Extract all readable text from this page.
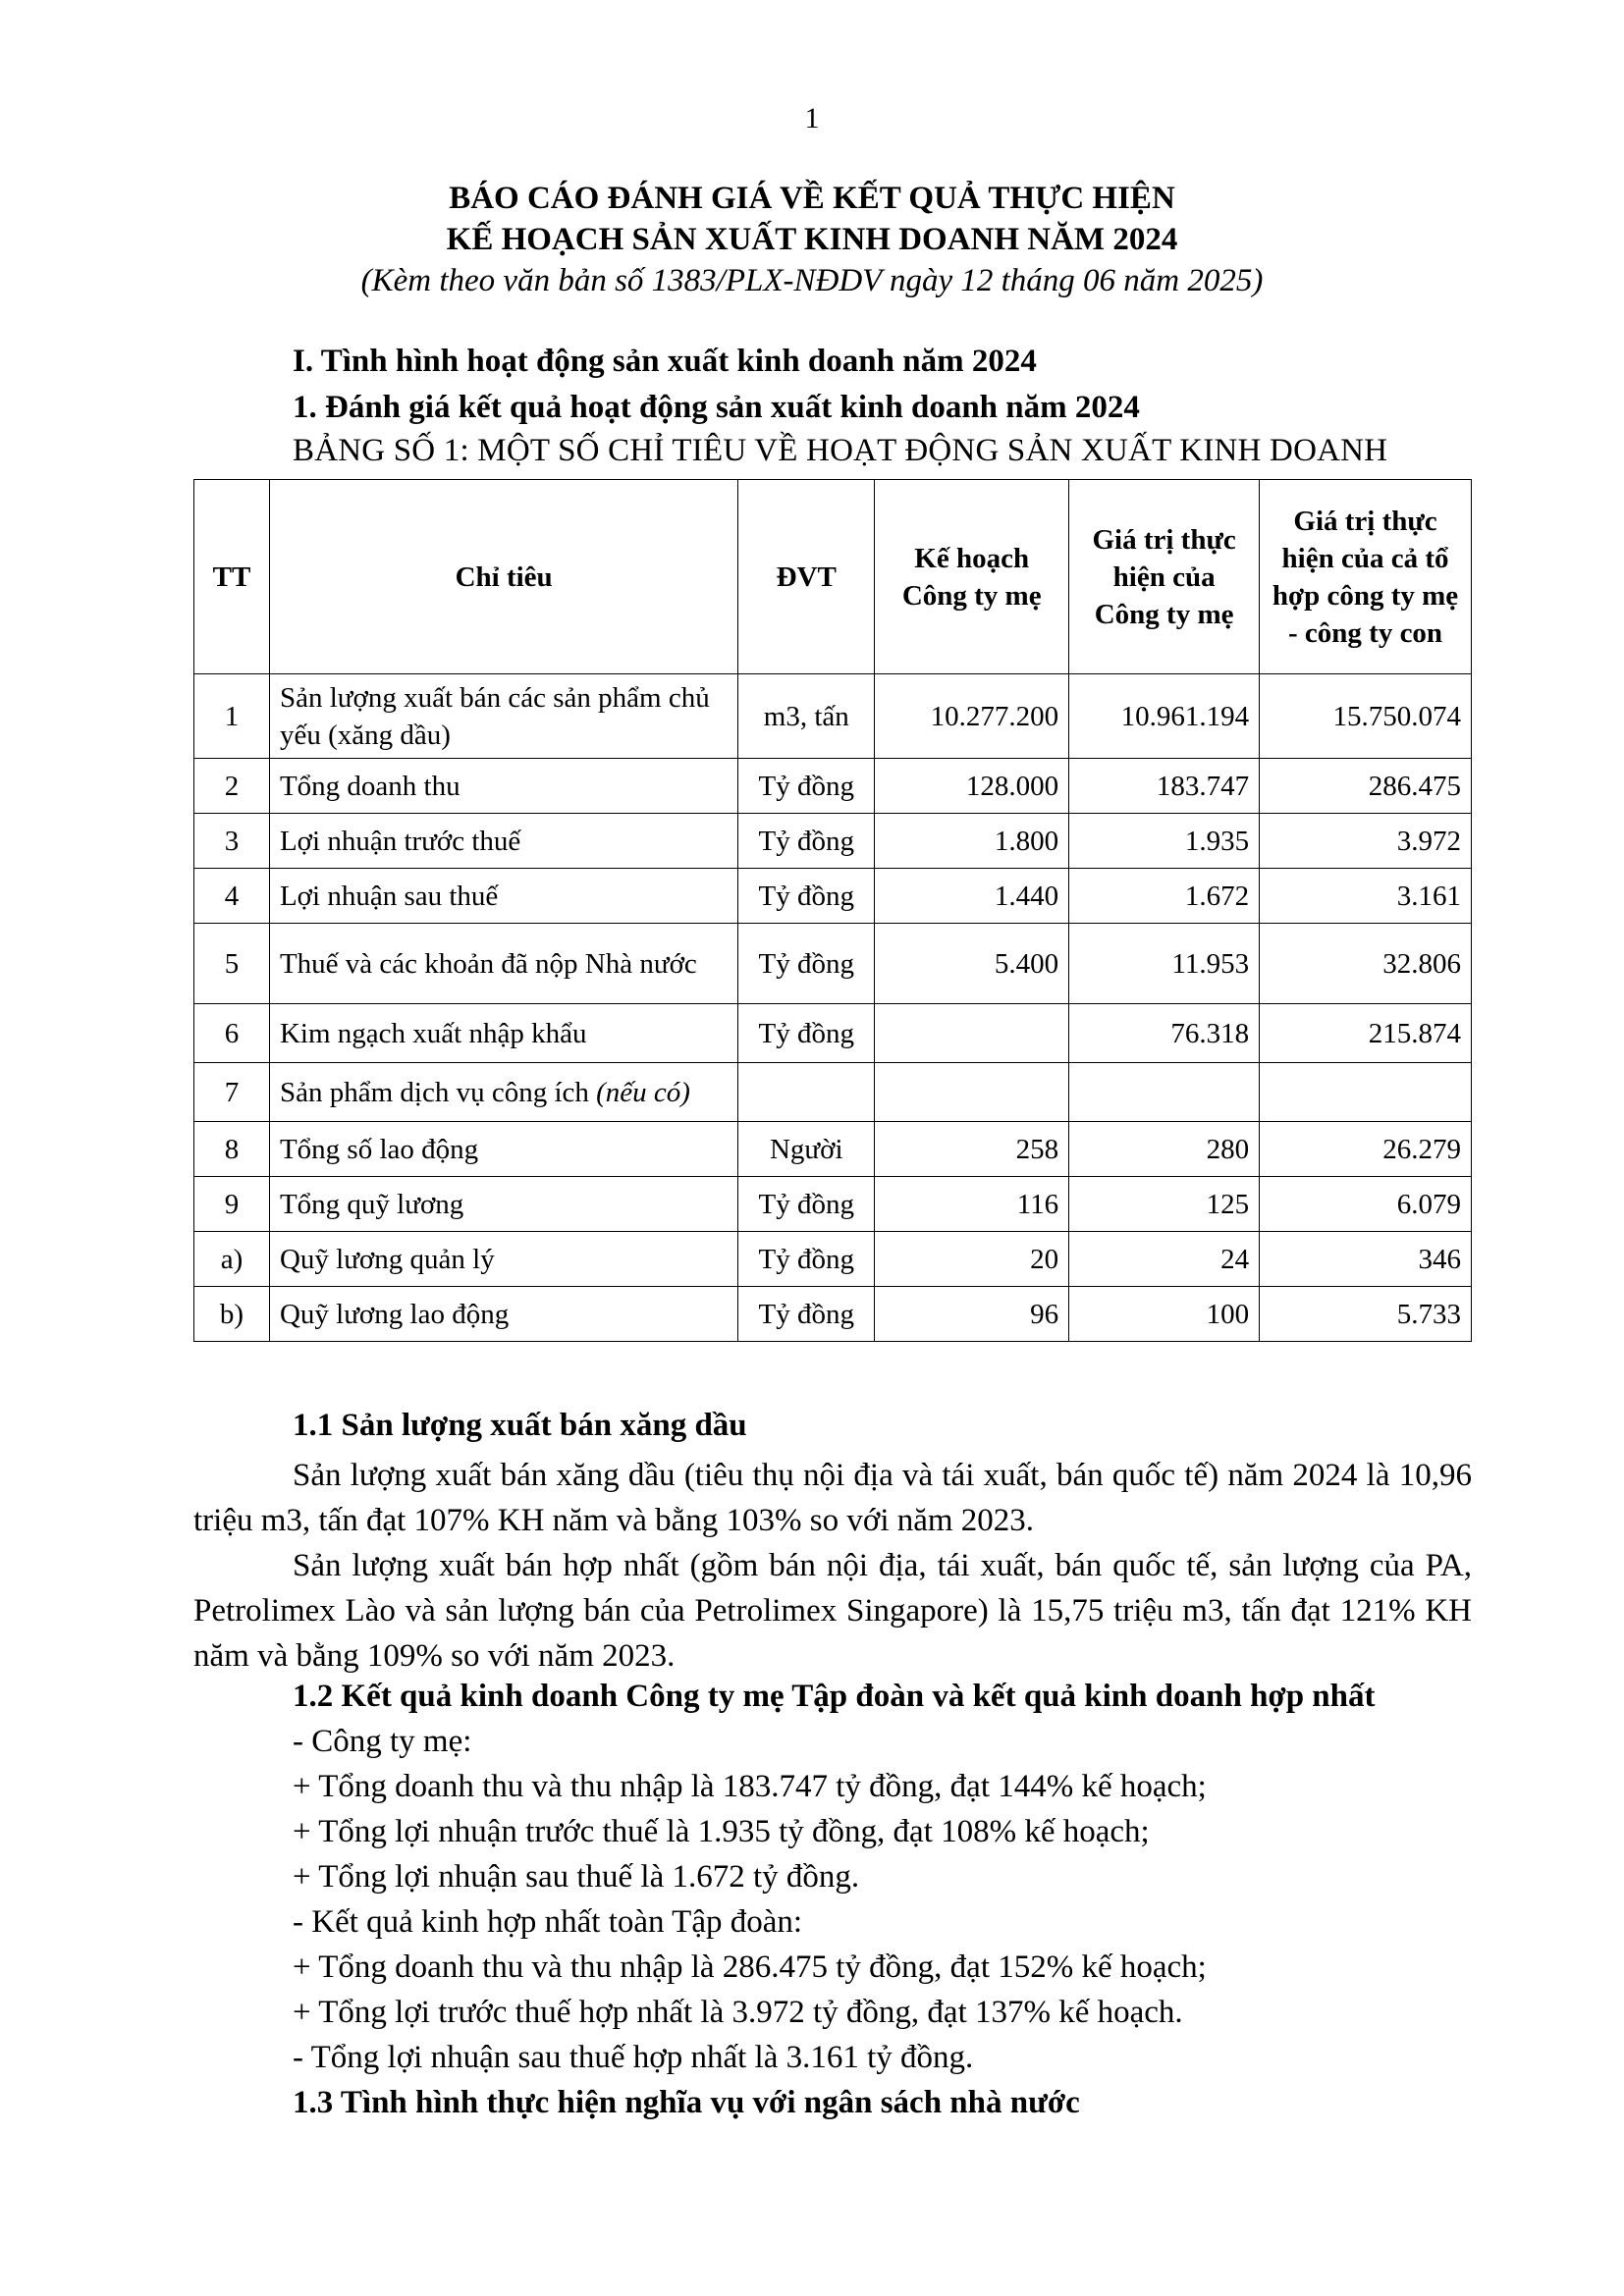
1
BÁO CÁO ĐÁNH GIÁ VỀ KẾT QUẢ THỰC HIỆN
KẾ HOẠCH SẢN XUẤT KINH DOANH NĂM 2024
(Kèm theo văn bản số 1383/PLX-NĐDV ngày 12 tháng 06 năm 2025)
I. Tình hình hoạt động sản xuất kinh doanh năm 2024
1. Đánh giá kết quả hoạt động sản xuất kinh doanh năm 2024
BẢNG SỐ 1: MỘT SỐ CHỈ TIÊU VỀ HOẠT ĐỘNG SẢN XUẤT KINH DOANH
TT	Chỉ tiêu	ĐVT	Kế hoạch Công ty mẹ	Giá trị thực hiện của Công ty mẹ	Giá trị thực hiện của cả tổ hợp công ty mẹ - công ty con
1	Sản lượng xuất bán các sản phẩm chủ yếu (xăng dầu)	m3, tấn	10.277.200	10.961.194	15.750.074
2	Tổng doanh thu	Tỷ đồng	128.000	183.747	286.475
3	Lợi nhuận trước thuế	Tỷ đồng	1.800	1.935	3.972
4	Lợi nhuận sau thuế	Tỷ đồng	1.440	1.672	3.161
5	Thuế và các khoản đã nộp Nhà nước	Tỷ đồng	5.400	11.953	32.806
6	Kim ngạch xuất nhập khẩu	Tỷ đồng		76.318	215.874
7	Sản phẩm dịch vụ công ích (nếu có)				
8	Tổng số lao động	Người	258	280	26.279
9	Tổng quỹ lương	Tỷ đồng	116	125	6.079
a)	Quỹ lương quản lý	Tỷ đồng	20	24	346
b)	Quỹ lương lao động	Tỷ đồng	96	100	5.733
1.1 Sản lượng xuất bán xăng dầu
Sản lượng xuất bán xăng dầu (tiêu thụ nội địa và tái xuất, bán quốc tế) năm 2024 là 10,96 triệu m3, tấn đạt 107% KH năm và bằng 103% so với năm 2023.
Sản lượng xuất bán hợp nhất (gồm bán nội địa, tái xuất, bán quốc tế, sản lượng của PA, Petrolimex Lào và sản lượng bán của Petrolimex Singapore) là 15,75 triệu m3, tấn đạt 121% KH năm và bằng 109% so với năm 2023.
1.2 Kết quả kinh doanh Công ty mẹ Tập đoàn và kết quả kinh doanh hợp nhất
- Công ty mẹ:
+ Tổng doanh thu và thu nhập là 183.747 tỷ đồng, đạt 144% kế hoạch;
+ Tổng lợi nhuận trước thuế là 1.935 tỷ đồng, đạt 108% kế hoạch;
+ Tổng lợi nhuận sau thuế là 1.672 tỷ đồng.
- Kết quả kinh hợp nhất toàn Tập đoàn:
+ Tổng doanh thu và thu nhập là 286.475 tỷ đồng, đạt 152% kế hoạch;
+ Tổng lợi trước thuế hợp nhất là 3.972 tỷ đồng, đạt 137% kế hoạch.
- Tổng lợi nhuận sau thuế hợp nhất là 3.161 tỷ đồng.
1.3 Tình hình thực hiện nghĩa vụ với ngân sách nhà nước
